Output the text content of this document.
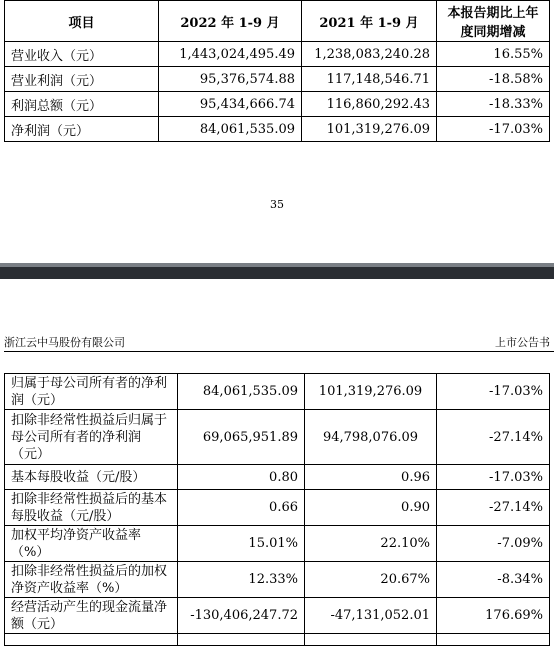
项目	2022 年 1-9 月	2021 年 1-9 月	本报告期比上年度同期增减
营业收入（元）	1,443,024,495.49	1,238,083,240.28	16.55%
营业利润（元）	95,376,574.88	117,148,546.71	-18.58%
利润总额（元）	95,434,666.74	116,860,292.43	-18.33%
净利润（元）	84,061,535.09	101,319,276.09	-17.03%
35
浙江云中马股份有限公司	上市公告书
归属于母公司所有者的净利润（元）	84,061,535.09	101,319,276.09	-17.03%
扣除非经常性损益后归属于母公司所有者的净利润（元）	69,065,951.89	94,798,076.09	-27.14%
基本每股收益（元/股）	0.80	0.96	-17.03%
扣除非经常性损益后的基本每股收益（元/股）	0.66	0.90	-27.14%
加权平均净资产收益率（%）	15.01%	22.10%	-7.09%
扣除非经常性损益后的加权净资产收益率（%）	12.33%	20.67%	-8.34%
经营活动产生的现金流量净额（元）	-130,406,247.72	-47,131,052.01	176.69%
